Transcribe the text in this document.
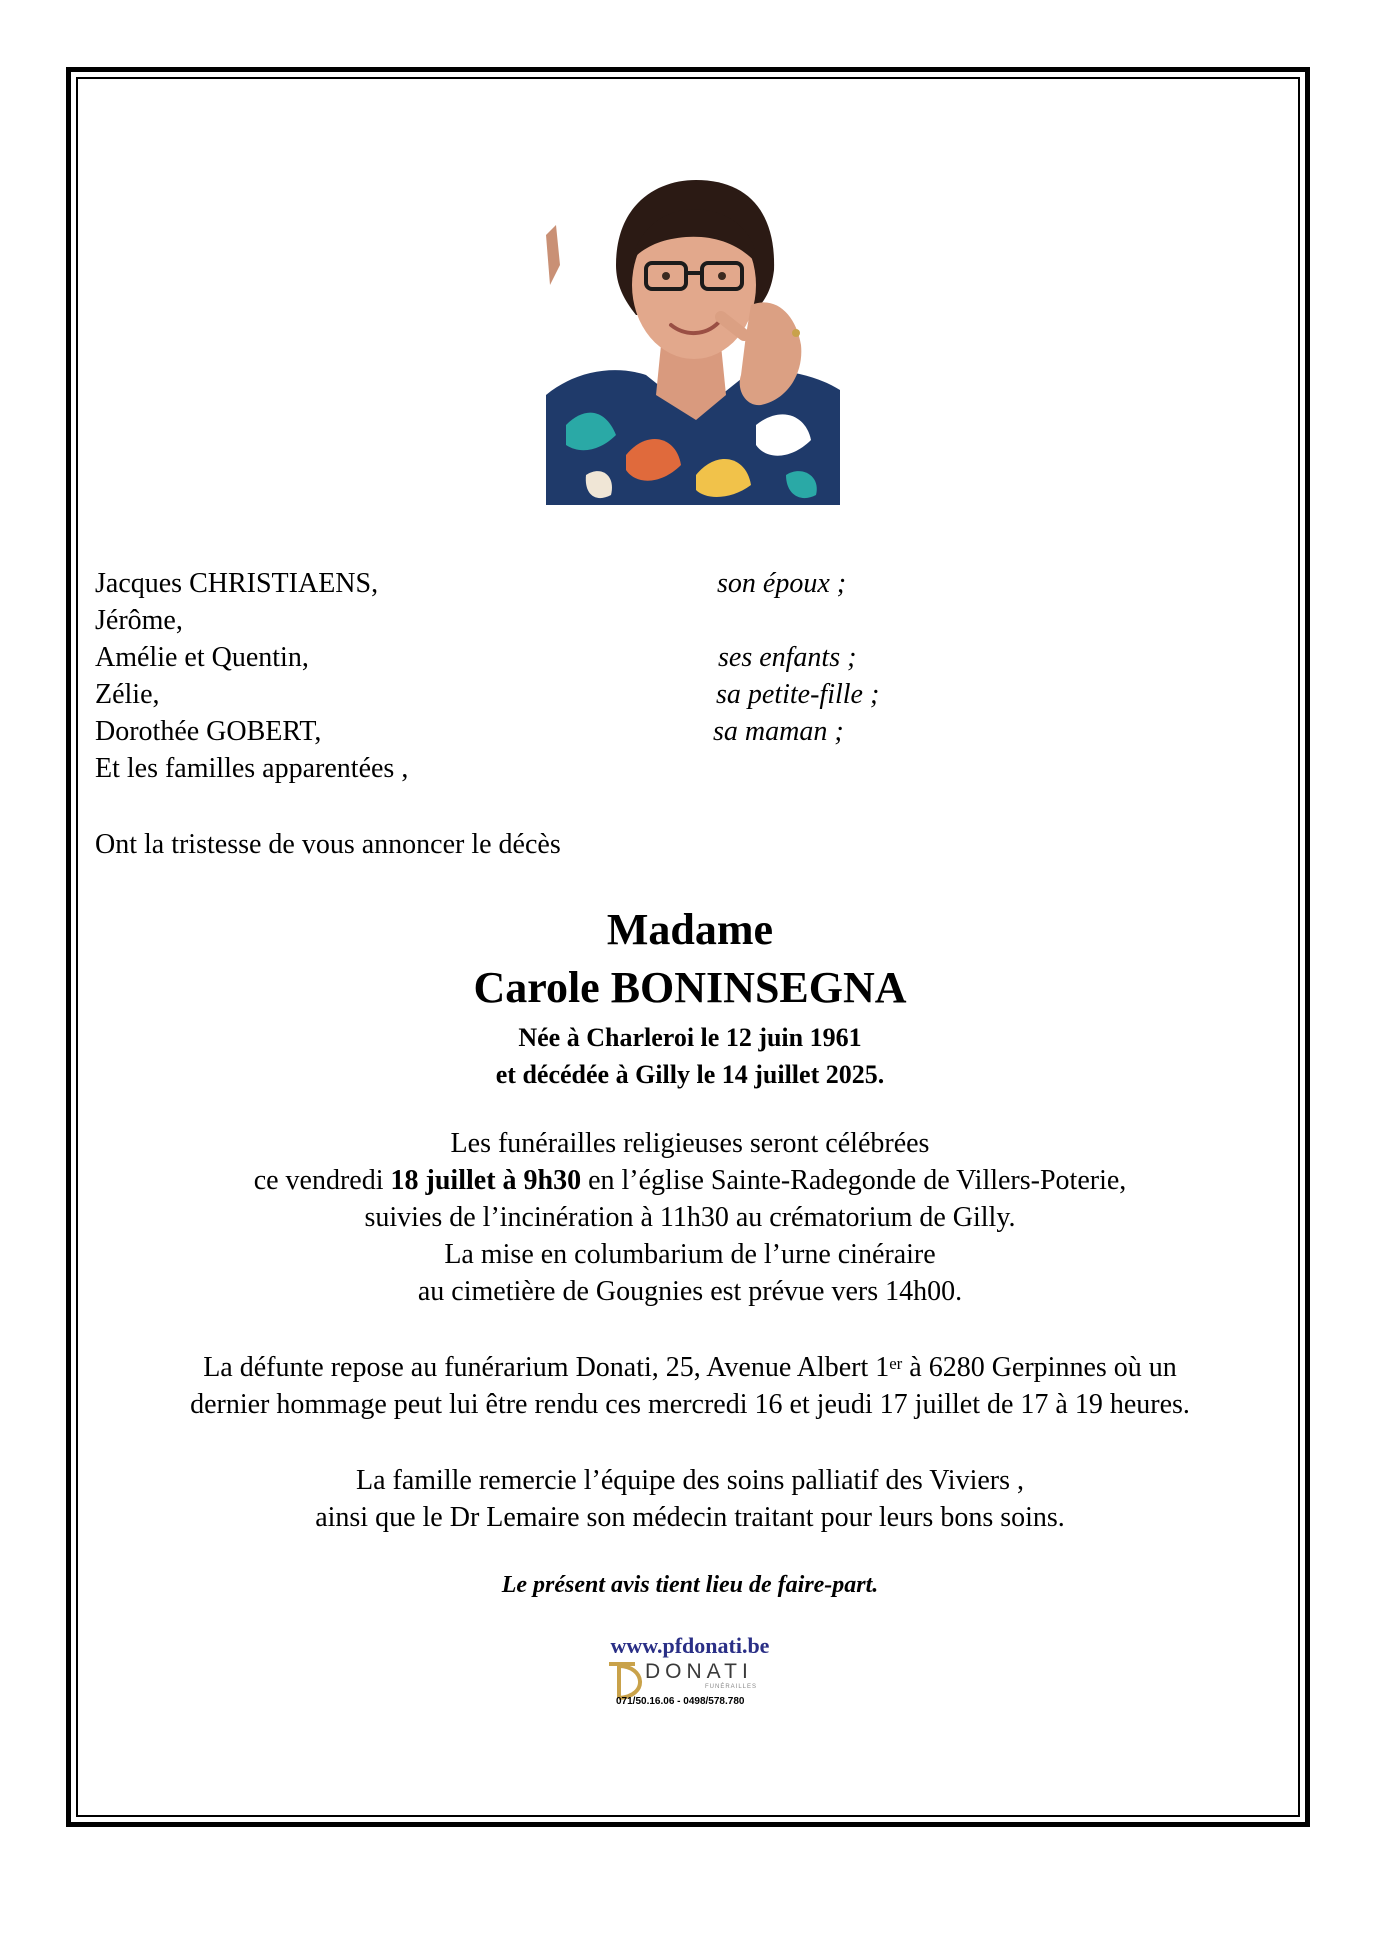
Jacques CHRISTIAENS,	son époux ;
Jérôme,
Amélie et Quentin,	ses enfants ;
Zélie,	sa petite-fille ;
Dorothée GOBERT,	sa maman ;
Et les familles apparentées ,
Ont la tristesse de vous annoncer le décès
Madame
Carole BONINSEGNA
Née à Charleroi le 12 juin 1961
et décédée à Gilly le 14 juillet 2025.
Les funérailles religieuses seront célébrées
ce vendredi 18 juillet à 9h30 en l’église Sainte-Radegonde de Villers-Poterie,
suivies de l’incinération à 11h30 au crématorium de Gilly.
La mise en columbarium de l’urne cinéraire
au cimetière de Gougnies est prévue vers 14h00.
La défunte repose au funérarium Donati, 25, Avenue Albert 1er à 6280 Gerpinnes où un
dernier hommage peut lui être rendu ces mercredi 16 et jeudi 17 juillet de 17 à 19 heures.
La famille remercie l’équipe des soins palliatif des Viviers ,
ainsi que le Dr Lemaire son médecin traitant pour leurs bons soins.
Le présent avis tient lieu de faire-part.
www.pfdonati.be
DONATI
FUNÉRAILLES
071/50.16.06 - 0498/578.780
